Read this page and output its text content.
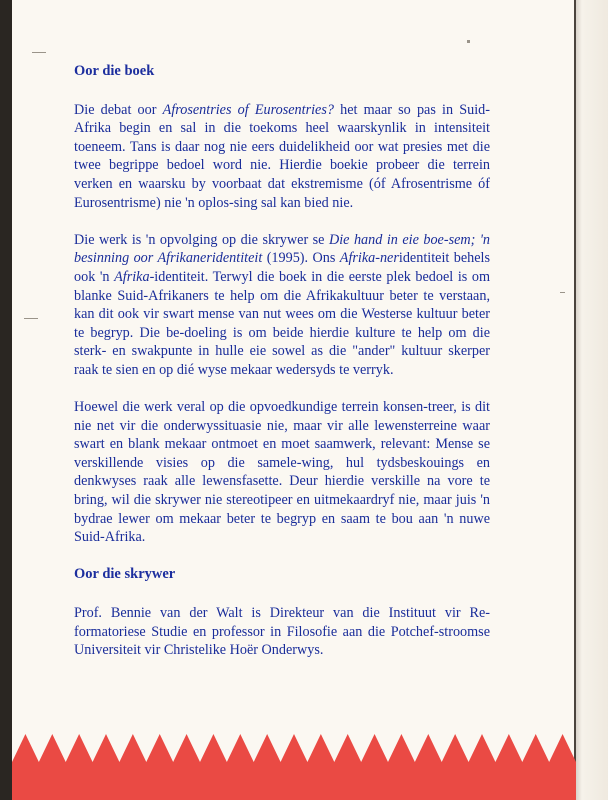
Oor die boek

Die debat oor Afrosentries of Eurosentries? het maar so pas in Suid-Afrika begin en sal in die toekoms heel waarskynlik in intensiteit toeneem. Tans is daar nog nie eers duidelikheid oor wat presies met die twee begrippe bedoel word nie. Hierdie boekie probeer die terrein verken en waarsku by voorbaat dat ekstremisme (óf Afrosentrisme óf Eurosentrisme) nie 'n oplos-sing sal kan bied nie.

Die werk is 'n opvolging op die skrywer se Die hand in eie boe-sem; 'n besinning oor Afrikaneridentiteit (1995). Ons Afrika-neridentiteit behels ook 'n Afrika-identiteit. Terwyl die boek in die eerste plek bedoel is om blanke Suid-Afrikaners te help om die Afrikakultuur beter te verstaan, kan dit ook vir swart mense van nut wees om die Westerse kultuur beter te begryp. Die be-doeling is om beide hierdie kulture te help om die sterk- en swakpunte in hulle eie sowel as die "ander" kultuur skerper raak te sien en op dié wyse mekaar wedersyds te verryk.

Hoewel die werk veral op die opvoedkundige terrein konsen-treer, is dit nie net vir die onderwyssituasie nie, maar vir alle lewensterreine waar swart en blank mekaar ontmoet en moet saamwerk, relevant: Mense se verskillende visies op die samele-wing, hul tydsbeskouings en denkwyses raak alle lewensfasette. Deur hierdie verskille na vore te bring, wil die skrywer nie stereotipeer en uitmekaardryf nie, maar juis 'n bydrae lewer om mekaar beter te begryp en saam te bou aan 'n nuwe Suid-Afrika.

Oor die skrywer

Prof. Bennie van der Walt is Direkteur van die Instituut vir Re-formatoriese Studie en professor in Filosofie aan die Potchef-stroomse Universiteit vir Christelike Hoër Onderwys.
